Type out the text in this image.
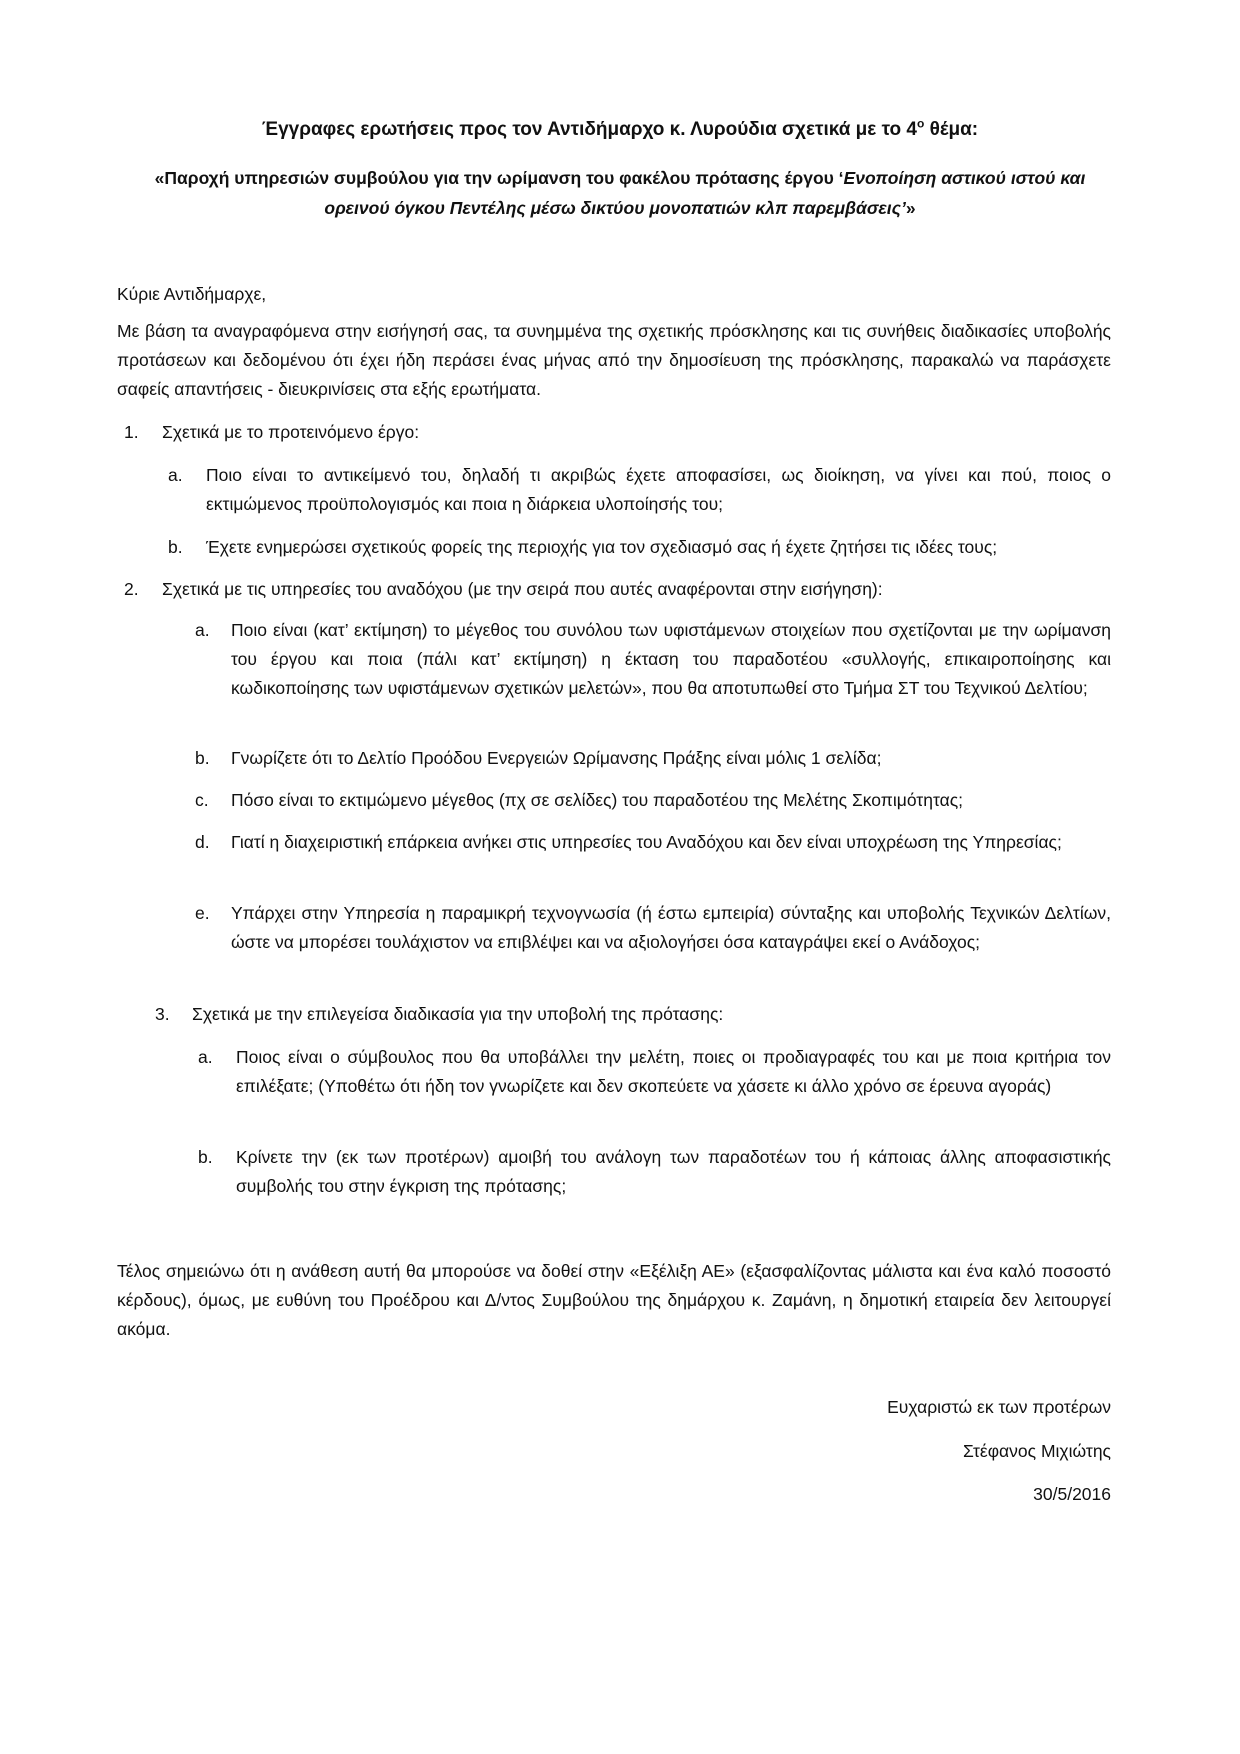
Έγγραφες ερωτήσεις προς τον Αντιδήμαρχο κ. Λυρούδια σχετικά με το $4^o$ θέμα:
«Παροχή υπηρεσιών συμβούλου για την ωρίμανση του φακέλου πρότασης έργου ‘Ενοποίηση αστικού ιστού και
ορεινού όγκου Πεντέλης μέσω δικτύου μονοπατιών κλπ παρεμβάσεις’»
Κύριε Αντιδήμαρχε,
Με βάση τα αναγραφόμενα στην εισήγησή σας, τα συνημμένα της σχετικής πρόσκλησης και τις συνήθεις διαδικασίες υποβολής προτάσεων και δεδομένου ότι έχει ήδη περάσει ένας μήνας από την δημοσίευση της πρόσκλησης, παρακαλώ να παράσχετε σαφείς απαντήσεις - διευκρινίσεις στα εξής ερωτήματα.
1. Σχετικά με το προτεινόμενο έργο:
a. Ποιο είναι το αντικείμενό του, δηλαδή τι ακριβώς έχετε αποφασίσει, ως διοίκηση, να γίνει και πού, ποιος ο εκτιμώμενος προϋπολογισμός και ποια η διάρκεια υλοποίησής του;
b. Έχετε ενημερώσει σχετικούς φορείς της περιοχής για τον σχεδιασμό σας ή έχετε ζητήσει τις ιδέες τους;
2. Σχετικά με τις υπηρεσίες του αναδόχου (με την σειρά που αυτές αναφέρονται στην εισήγηση):
a. Ποιο είναι (κατ’ εκτίμηση) το μέγεθος του συνόλου των υφιστάμενων στοιχείων που σχετίζονται με την ωρίμανση του έργου και ποια (πάλι κατ’ εκτίμηση) η έκταση του παραδοτέου «συλλογής, επικαιροποίησης και κωδικοποίησης των υφιστάμενων σχετικών μελετών», που θα αποτυπωθεί στο Τμήμα ΣΤ του Τεχνικού Δελτίου;
b. Γνωρίζετε ότι το Δελτίο Προόδου Ενεργειών Ωρίμανσης Πράξης είναι μόλις 1 σελίδα;
c. Πόσο είναι το εκτιμώμενο μέγεθος (πχ σε σελίδες) του παραδοτέου της Μελέτης Σκοπιμότητας;
d. Γιατί η διαχειριστική επάρκεια ανήκει στις υπηρεσίες του Αναδόχου και δεν είναι υποχρέωση της Υπηρεσίας;
e. Υπάρχει στην Υπηρεσία η παραμικρή τεχνογνωσία (ή έστω εμπειρία) σύνταξης και υποβολής Τεχνικών Δελτίων, ώστε να μπορέσει τουλάχιστον να επιβλέψει και να αξιολογήσει όσα καταγράψει εκεί ο Ανάδοχος;
3. Σχετικά με την επιλεγείσα διαδικασία για την υποβολή της πρότασης:
a. Ποιος είναι ο σύμβουλος που θα υποβάλλει την μελέτη, ποιες οι προδιαγραφές του και με ποια κριτήρια τον επιλέξατε; (Υποθέτω ότι ήδη τον γνωρίζετε και δεν σκοπεύετε να χάσετε κι άλλο χρόνο σε έρευνα αγοράς)
b. Κρίνετε την (εκ των προτέρων) αμοιβή του ανάλογη των παραδοτέων του ή κάποιας άλλης αποφασιστικής συμβολής του στην έγκριση της πρότασης;
Τέλος σημειώνω ότι η ανάθεση αυτή θα μπορούσε να δοθεί στην «Εξέλιξη ΑΕ» (εξασφαλίζοντας μάλιστα και ένα καλό ποσοστό κέρδους), όμως, με ευθύνη του Προέδρου και Δ/ντος Συμβούλου της δημάρχου κ. Ζαμάνη, η δημοτική εταιρεία δεν λειτουργεί ακόμα.
Ευχαριστώ εκ των προτέρων
Στέφανος Μιχιώτης
30/5/2016
